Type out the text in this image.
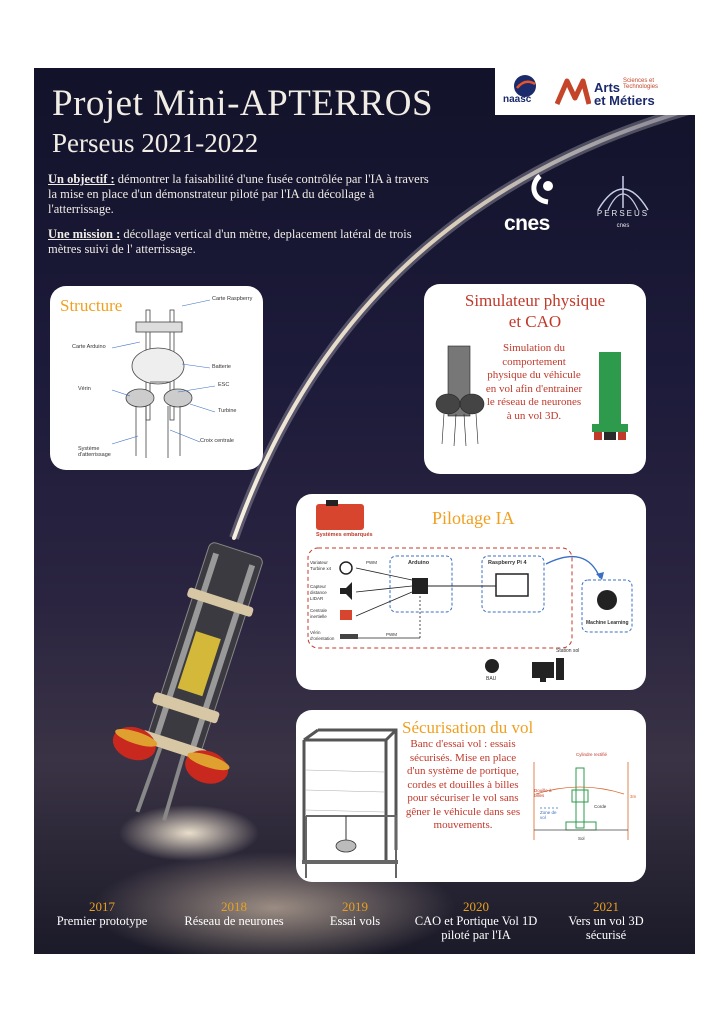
Projet Mini-APTERROS
Perseus 2021-2022
naasc
Arts Sciences et
Technologies
et Métiers

Un objectif : démontrer la faisabilité d'une fusée contrôlée par l'IA à travers la mise en place d'un démonstrateur piloté par l'IA du décollage à l'atterrissage.

Une mission : décollage vertical d'un mètre, deplacement latéral de trois mètres suivi de l' atterrissage.

cnes	PERSEUS
cnes
Structure	Carte Raspberry
Carte Arduino
Batterie
ESC
Vérin
Turbine
Système d'atterrissage
Croix centrale
Simulateur physique
et CAO
Simulation du comportement physique du véhicule en vol afin d'entrainer le réseau de neurones à un vol 3D.
Pilotage IA
Systèmes embarqués
Arduino	Raspberry Pi 4
Variateur Turbine x4
Capteur distance LIDAR
Centrale inertielle
Vérin d'orientation
PWM
PWM
Machine Learning
Station sol
BAU
Sécurisation du vol
Banc d'essai vol : essais sécurisés. Mise en place d'un système de portique, cordes et douilles à billes pour sécuriser le vol sans gêner le véhicule dans ses mouvements.
Cylindre rectifié
Douille à billes
Corde
Zone de vol
Sol
3m
2017
Premier prototype
2018
Réseau de neurones
2019
Essai vols
2020
CAO et Portique Vol 1D piloté par l'IA
2021
Vers un vol 3D sécurisé
